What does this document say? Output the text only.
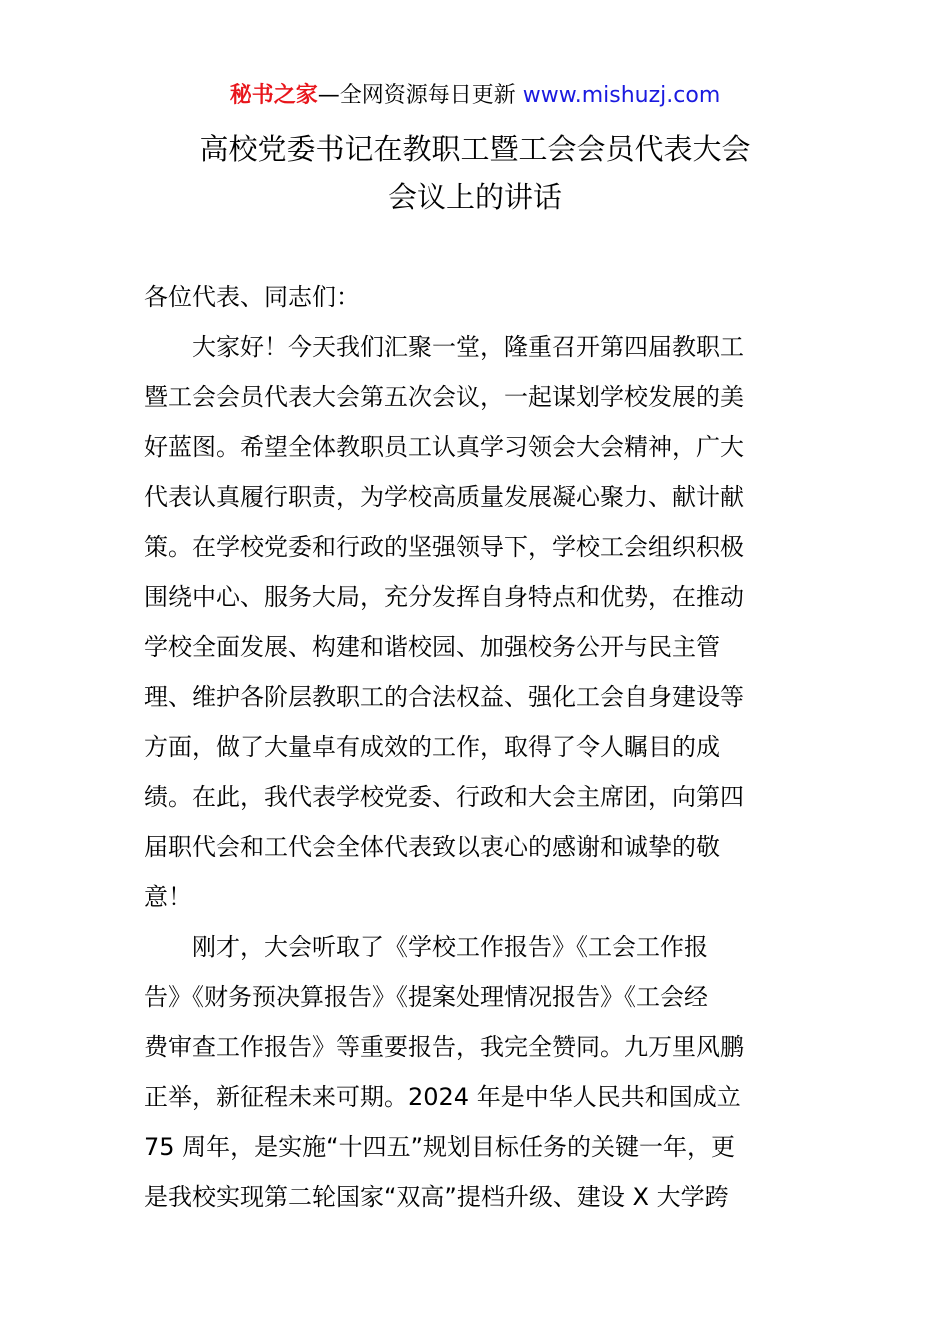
秘书之家—全网资源每日更新 www.mishuzj.com
高校党委书记在教职工暨工会会员代表大会
会议上的讲话
各位代表、同志们：
　　大家好！今天我们汇聚一堂，隆重召开第四届教职工
暨工会会员代表大会第五次会议，一起谋划学校发展的美
好蓝图。希望全体教职员工认真学习领会大会精神，广大
代表认真履行职责，为学校高质量发展凝心聚力、献计献
策。在学校党委和行政的坚强领导下，学校工会组织积极
围绕中心、服务大局，充分发挥自身特点和优势，在推动
学校全面发展、构建和谐校园、加强校务公开与民主管
理、维护各阶层教职工的合法权益、强化工会自身建设等
方面，做了大量卓有成效的工作，取得了令人瞩目的成
绩。在此，我代表学校党委、行政和大会主席团，向第四
届职代会和工代会全体代表致以衷心的感谢和诚挚的敬
意！
　　刚才，大会听取了《学校工作报告》《工会工作报
告》《财务预决算报告》《提案处理情况报告》《工会经
费审查工作报告》等重要报告，我完全赞同。九万里风鹏
正举，新征程未来可期。2024 年是中华人民共和国成立
75 周年，是实施“十四五”规划目标任务的关键一年，更
是我校实现第二轮国家“双高”提档升级、建设 X 大学跨
